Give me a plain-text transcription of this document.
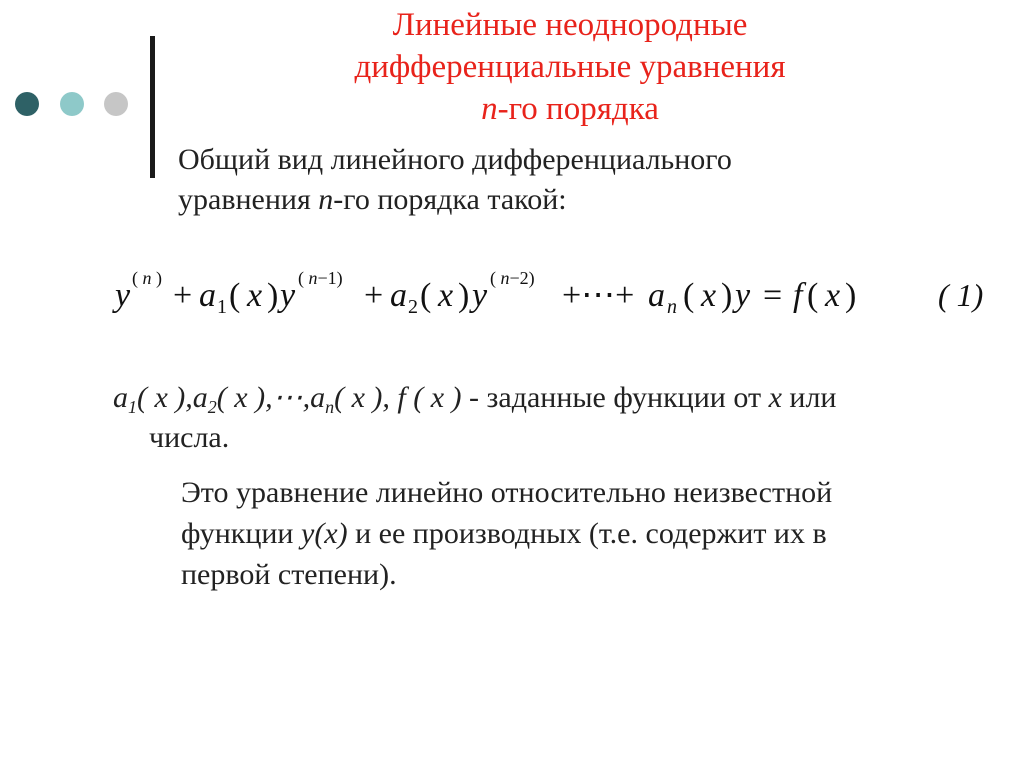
Линейные неоднородные
дифференциальные уравнения
n-го порядка
Общий вид линейного дифференциального
уравнения n-го порядка такой:
y ( n ) + a 1 ( x ) y ( n−1) + a 2 ( x ) y ( n−2) +⋯+ a n ( x ) y = f ( x )	( 1)
$a_1$( x )$,a_2$( x )$,\cdots,a_n$( x ), f ( x ) - заданные функции от x или
числа.
Это уравнение линейно относительно неизвестной
функции y(x) и ее производных (т.е. содержит их в
первой степени).
